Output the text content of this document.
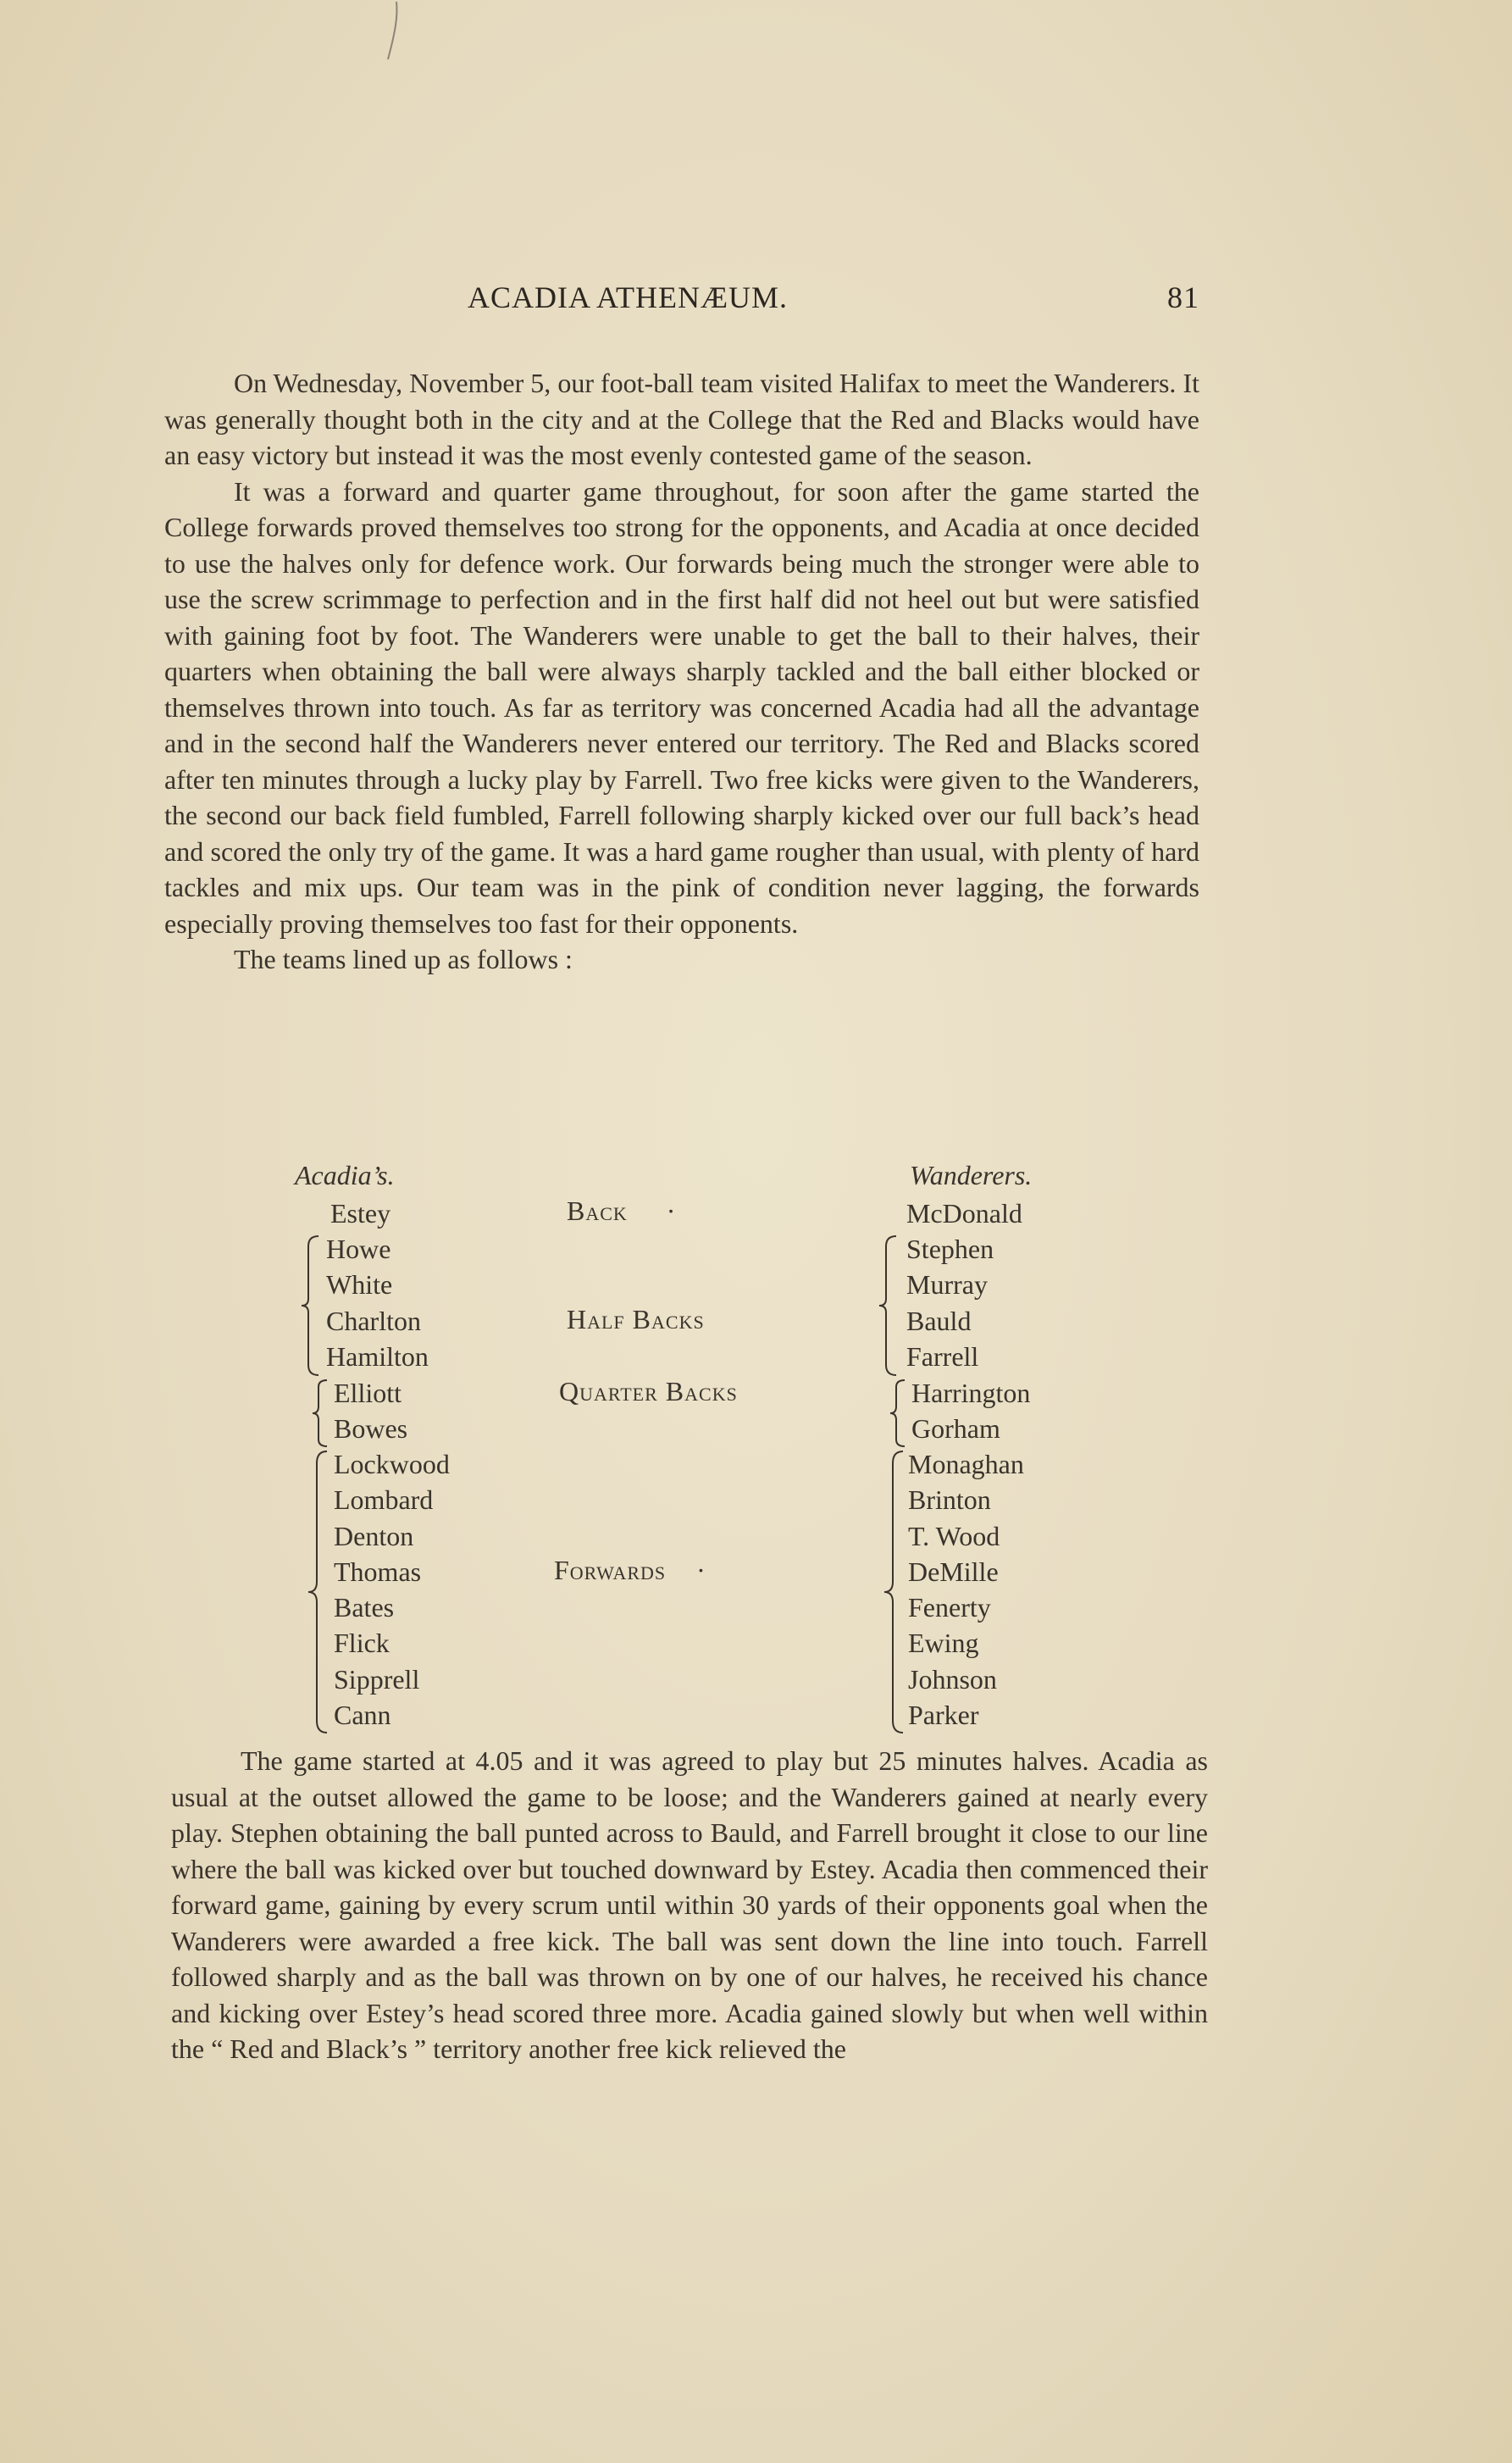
ACADIA ATHENÆUM.	81

On Wednesday, November 5, our foot-ball team visited Halifax to meet the Wanderers. It was generally thought both in the city and at the College that the Red and Blacks would have an easy victory but instead it was the most evenly contested game of the season.

It was a forward and quarter game throughout, for soon after the game started the College forwards proved themselves too strong for the opponents, and Acadia at once decided to use the halves only for defence work. Our forwards being much the stronger were able to use the screw scrimmage to perfection and in the first half did not heel out but were satisfied with gaining foot by foot. The Wanderers were unable to get the ball to their halves, their quarters when obtaining the ball were always sharply tackled and the ball either blocked or themselves thrown into touch. As far as territory was concerned Acadia had all the advantage and in the second half the Wanderers never entered our territory. The Red and Blacks scored after ten minutes through a lucky play by Farrell. Two free kicks were given to the Wanderers, the second our back field fumbled, Farrell following sharply kicked over our full back’s head and scored the only try of the game. It was a hard game rougher than usual, with plenty of hard tackles and mix ups. Our team was in the pink of condition never lagging, the forwards especially proving themselves too fast for their opponents.

The teams lined up as follows :

Acadia’s.	Wanderers.
Back ·
Half Backs
Quarter Backs
Forwards ·
Estey
Howe
White
Charlton
Hamilton
Elliott
Bowes
Lockwood
Lombard
Denton
Thomas
Bates
Flick
Sipprell
Cann
McDonald
Stephen
Murray
Bauld
Farrell
Harrington
Gorham
Monaghan
Brinton
T. Wood
DeMille
Fenerty
Ewing
Johnson
Parker

The game started at 4.05 and it was agreed to play but 25 minutes halves. Acadia as usual at the outset allowed the game to be loose; and the Wanderers gained at nearly every play. Stephen obtaining the ball punted across to Bauld, and Farrell brought it close to our line where the ball was kicked over but touched downward by Estey. Acadia then commenced their forward game, gaining by every scrum until within 30 yards of their opponents goal when the Wanderers were awarded a free kick. The ball was sent down the line into touch. Farrell followed sharply and as the ball was thrown on by one of our halves, he received his chance and kicking over Estey’s head scored three more. Acadia gained slowly but when well within the “ Red and Black’s ” territory another free kick relieved the
